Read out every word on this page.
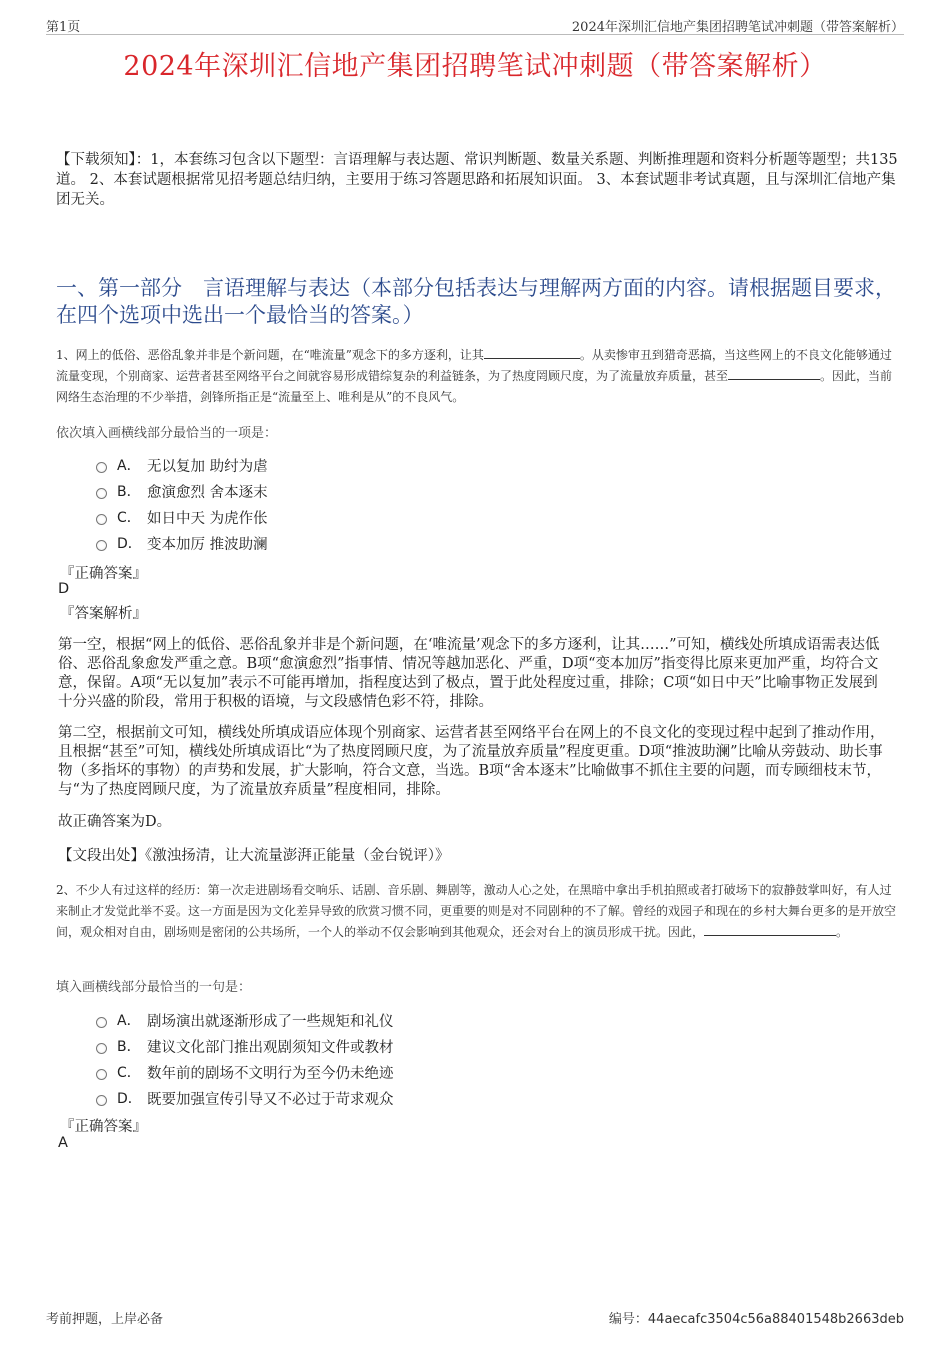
第1页	2024年深圳汇信地产集团招聘笔试冲刺题（带答案解析）
2024年深圳汇信地产集团招聘笔试冲刺题（带答案解析）
【下载须知】：1，本套练习包含以下题型：言语理解与表达题、常识判断题、数量关系题、判断推理题和资料分析题等题型；共135道。 2、本套试题根据常见招考题总结归纳，主要用于练习答题思路和拓展知识面。 3、本套试题非考试真题，且与深圳汇信地产集团无关。
一、第一部分　言语理解与表达（本部分包括表达与理解两方面的内容。请根据题目要求，在四个选项中选出一个最恰当的答案。）
1、网上的低俗、恶俗乱象并非是个新问题，在“唯流量”观念下的多方逐利，让其	。从卖惨审丑到猎奇恶搞，当这些网上的不良文化能够通过流量变现，个别商家、运营者甚至网络平台之间就容易形成错综复杂的利益链条，为了热度罔顾尺度，为了流量放弃质量，甚至	。因此，当前网络生态治理的不少举措，剑锋所指正是“流量至上、唯利是从”的不良风气。
依次填入画横线部分最恰当的一项是：
A． 无以复加 助纣为虐
B． 愈演愈烈 舍本逐末
C． 如日中天 为虎作伥
D． 变本加厉 推波助澜
『正确答案』
D
『答案解析』
第一空，根据“网上的低俗、恶俗乱象并非是个新问题，在‘唯流量’观念下的多方逐利，让其……”可知，横线处所填成语需表达低俗、恶俗乱象愈发严重之意。B项“愈演愈烈”指事情、情况等越加恶化、严重，D项“变本加厉”指变得比原来更加严重，均符合文意，保留。A项“无以复加”表示不可能再增加，指程度达到了极点，置于此处程度过重，排除；C项“如日中天”比喻事物正发展到十分兴盛的阶段，常用于积极的语境，与文段感情色彩不符，排除。
第二空，根据前文可知，横线处所填成语应体现个别商家、运营者甚至网络平台在网上的不良文化的变现过程中起到了推动作用，且根据“甚至”可知，横线处所填成语比“为了热度罔顾尺度，为了流量放弃质量”程度更重。D项“推波助澜”比喻从旁鼓动、助长事物（多指坏的事物）的声势和发展，扩大影响，符合文意，当选。B项“舍本逐末”比喻做事不抓住主要的问题，而专顾细枝末节，与“为了热度罔顾尺度，为了流量放弃质量”程度相同，排除。
故正确答案为D。
【文段出处】《激浊扬清，让大流量澎湃正能量（金台锐评）》
2、不少人有过这样的经历：第一次走进剧场看交响乐、话剧、音乐剧、舞剧等，激动人心之处，在黑暗中拿出手机拍照或者打破场下的寂静鼓掌叫好，有人过来制止才发觉此举不妥。这一方面是因为文化差异导致的欣赏习惯不同，更重要的则是对不同剧种的不了解。曾经的戏园子和现在的乡村大舞台更多的是开放空间，观众相对自由，剧场则是密闭的公共场所，一个人的举动不仅会影响到其他观众，还会对台上的演员形成干扰。因此，	。
填入画横线部分最恰当的一句是：
A． 剧场演出就逐渐形成了一些规矩和礼仪
B． 建议文化部门推出观剧须知文件或教材
C． 数年前的剧场不文明行为至今仍未绝迹
D． 既要加强宣传引导又不必过于苛求观众
『正确答案』
A
考前押题，上岸必备	编号：44aecafc3504c56a88401548b2663deb
